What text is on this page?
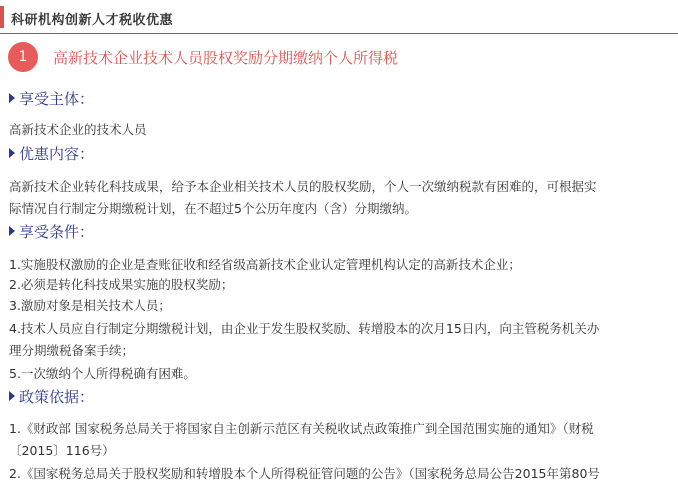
科研机构创新人才税收优惠
1	高新技术企业技术人员股权奖励分期缴纳个人所得税
享受主体：
高新技术企业的技术人员
优惠内容：
高新技术企业转化科技成果，给予本企业相关技术人员的股权奖励，个人一次缴纳税款有困难的，可根据实
际情况自行制定分期缴税计划，在不超过5个公历年度内（含）分期缴纳。
享受条件：
1.实施股权激励的企业是查账征收和经省级高新技术企业认定管理机构认定的高新技术企业；
2.必须是转化科技成果实施的股权奖励；
3.激励对象是相关技术人员；
4.技术人员应自行制定分期缴税计划，由企业于发生股权奖励、转增股本的次月15日内，向主管税务机关办
理分期缴税备案手续；
5.一次缴纳个人所得税确有困难。
政策依据：
1.《财政部 国家税务总局关于将国家自主创新示范区有关税收试点政策推广到全国范围实施的通知》（财税
〔2015〕116号）
2.《国家税务总局关于股权奖励和转增股本个人所得税征管问题的公告》（国家税务总局公告2015年第80号
